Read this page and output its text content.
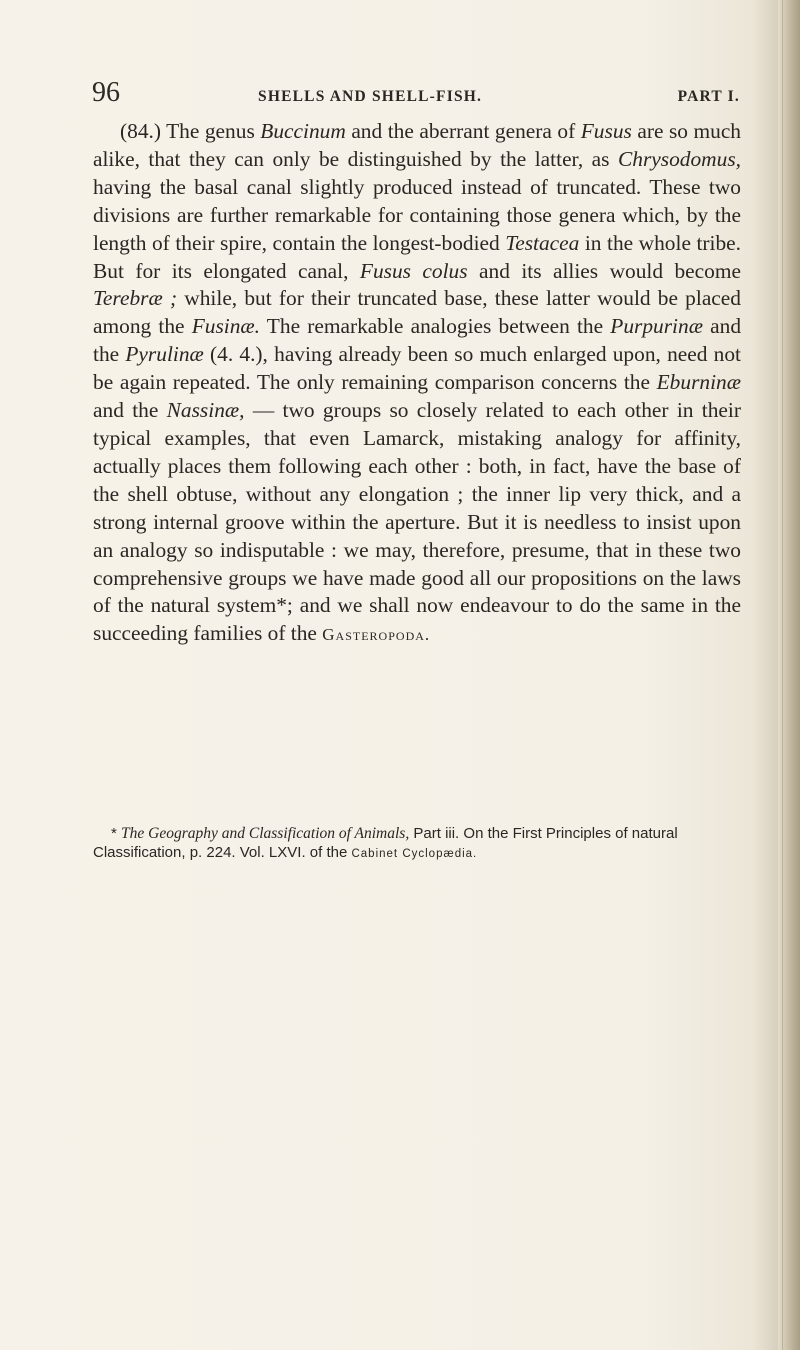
96	SHELLS AND SHELL-FISH.	PART I.

(84.) The genus Buccinum and the aberrant genera of Fusus are so much alike, that they can only be distinguished by the latter, as Chrysodomus, having the basal canal slightly produced instead of truncated. These two divisions are further remarkable for containing those genera which, by the length of their spire, contain the longest-bodied Testacea in the whole tribe. But for its elongated canal, Fusus colus and its allies would become Terebræ ; while, but for their truncated base, these latter would be placed among the Fusinæ. The remarkable analogies between the Purpurinæ and the Pyrulinæ (4. 4.), having already been so much enlarged upon, need not be again repeated. The only remaining comparison concerns the Eburninæ and the Nassinæ, — two groups so closely related to each other in their typical examples, that even Lamarck, mistaking analogy for affinity, actually places them following each other : both, in fact, have the base of the shell obtuse, without any elongation ; the inner lip very thick, and a strong internal groove within the aperture. But it is needless to insist upon an analogy so indisputable : we may, therefore, presume, that in these two comprehensive groups we have made good all our propositions on the laws of the natural system*; and we shall now endeavour to do the same in the succeeding families of the Gasteropoda.

* The Geography and Classification of Animals, Part iii. On the First Principles of natural Classification, p. 224. Vol. LXVI. of the Cabinet Cyclopædia.
